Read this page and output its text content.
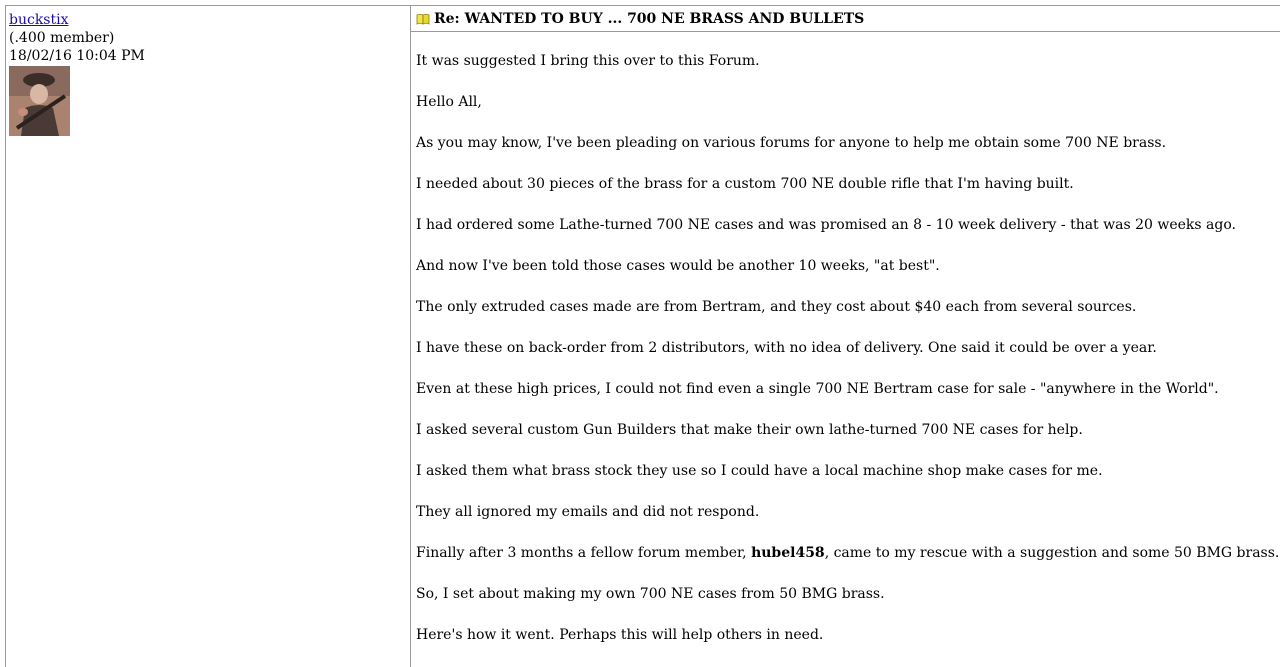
buckstix
(.400 member)
18/02/16 10:04 PM
Re: WANTED TO BUY ... 700 NE BRASS AND BULLETS

It was suggested I bring this over to this Forum.

Hello All,

As you may know, I've been pleading on various forums for anyone to help me obtain some 700 NE brass.

I needed about 30 pieces of the brass for a custom 700 NE double rifle that I'm having built.

I had ordered some Lathe-turned 700 NE cases and was promised an 8 - 10 week delivery - that was 20 weeks ago.

And now I've been told those cases would be another 10 weeks, "at best".

The only extruded cases made are from Bertram, and they cost about $40 each from several sources.

I have these on back-order from 2 distributors, with no idea of delivery. One said it could be over a year.

Even at these high prices, I could not find even a single 700 NE Bertram case for sale - "anywhere in the World".

I asked several custom Gun Builders that make their own lathe-turned 700 NE cases for help.

I asked them what brass stock they use so I could have a local machine shop make cases for me.

They all ignored my emails and did not respond.

Finally after 3 months a fellow forum member, hubel458, came to my rescue with a suggestion and some 50 BMG brass.

So, I set about making my own 700 NE cases from 50 BMG brass.

Here's how it went. Perhaps this will help others in need.
